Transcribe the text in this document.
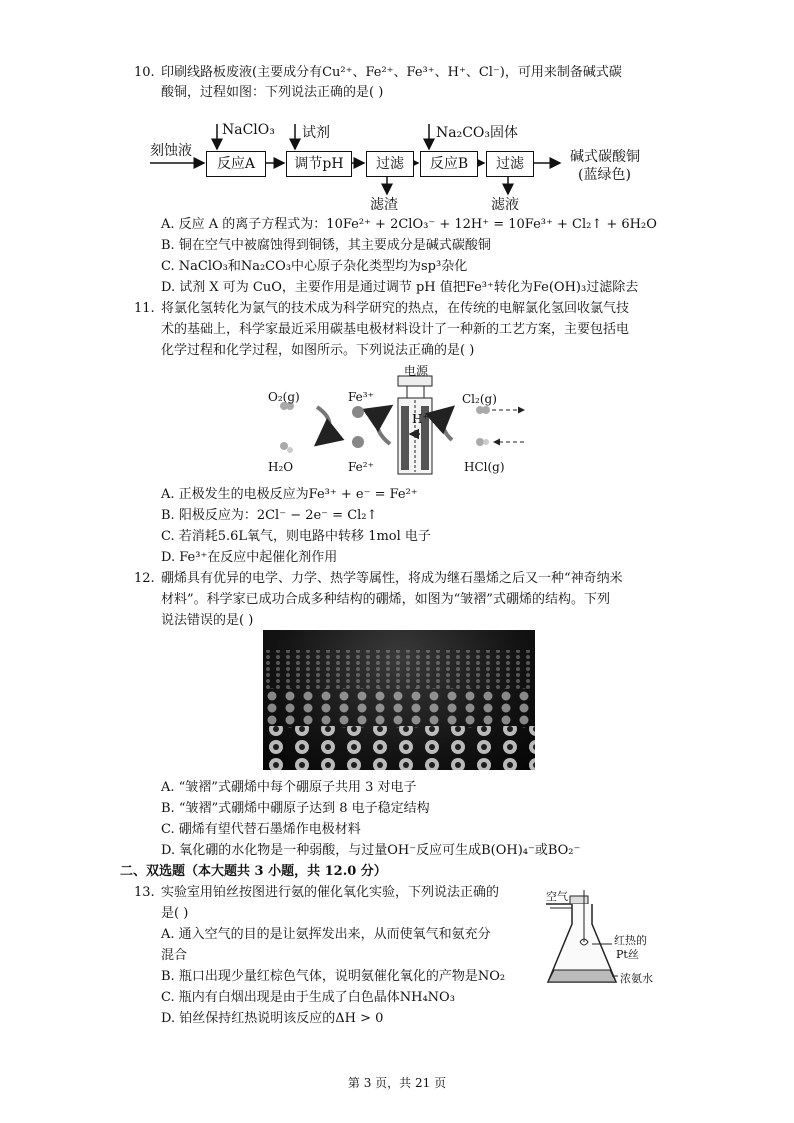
10. 印刷线路板废液(主要成分有Cu²⁺、Fe²⁺、Fe³⁺、H⁺、Cl⁻)，可用来制备碱式碳
酸铜，过程如图：下列说法正确的是( )
刻蚀液
反应A	调节pH	过滤	反应B	过滤
NaClO₃ 试剂	Na₂CO₃固体
滤渣	滤液
碱式碳酸铜
(蓝绿色)
A. 反应 A 的离子方程式为：10Fe²⁺ + 2ClO₃⁻ + 12H⁺ = 10Fe³⁺ + Cl₂↑ + 6H₂O
B. 铜在空气中被腐蚀得到铜锈，其主要成分是碱式碳酸铜
C. NaClO₃和Na₂CO₃中心原子杂化类型均为sp³杂化
D. 试剂 X 可为 CuO，主要作用是通过调节 pH 值把Fe³⁺转化为Fe(OH)₃过滤除去
11. 将氯化氢转化为氯气的技术成为科学研究的热点，在传统的电解氯化氢回收氯气技
术的基础上，科学家最近采用碳基电极材料设计了一种新的工艺方案，主要包括电
化学过程和化学过程，如图所示。下列说法正确的是( )
电源
O₂(g)	Fe³⁺
H₂O	Fe²⁺
H⁺
Cl₂(g)
HCl(g)
A. 正极发生的电极反应为Fe³⁺ + e⁻ = Fe²⁺
B. 阳极反应为：2Cl⁻ − 2e⁻ = Cl₂↑
C. 若消耗5.6L氧气，则电路中转移 1mol 电子
D. Fe³⁺在反应中起催化剂作用
12. 硼烯具有优异的电学、力学、热学等属性，将成为继石墨烯之后又一种“神奇纳米
材料”。科学家已成功合成多种结构的硼烯，如图为“皱褶”式硼烯的结构。下列
说法错误的是( )
A. “皱褶”式硼烯中每个硼原子共用 3 对电子
B. “皱褶”式硼烯中硼原子达到 8 电子稳定结构
C. 硼烯有望代替石墨烯作电极材料
D. 氧化硼的水化物是一种弱酸，与过量OH⁻反应可生成B(OH)₄⁻或BO₂⁻
二、双选题（本大题共 3 小题，共 12.0 分）
13. 实验室用铂丝按图进行氨的催化氧化实验，下列说法正确的
是( )
A. 通入空气的目的是让氨挥发出来，从而使氧气和氨充分
混合
B. 瓶口出现少量红棕色气体，说明氨催化氧化的产物是NO₂
C. 瓶内有白烟出现是由于生成了白色晶体NH₄NO₃
D. 铂丝保持红热说明该反应的ΔH > 0
空气
红热的
Pt丝
浓氨水
第 3 页，共 21 页
